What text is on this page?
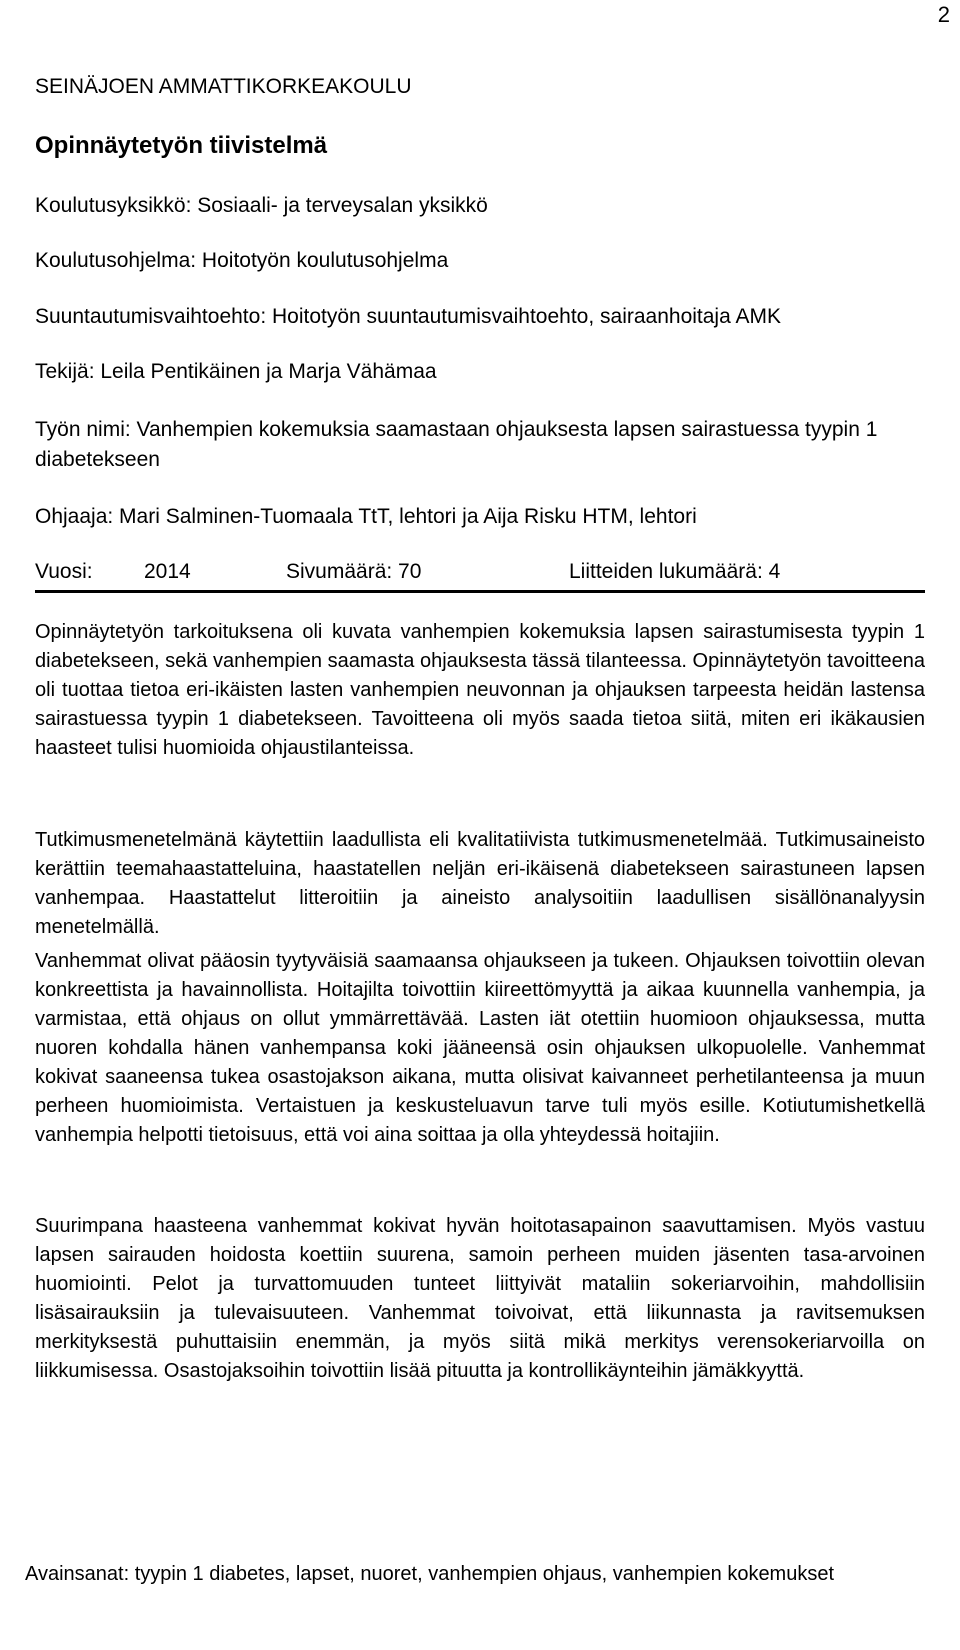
2
SEINÄJOEN AMMATTIKORKEAKOULU
Opinnäytetyön tiivistelmä
Koulutusyksikkö: Sosiaali- ja terveysalan yksikkö
Koulutusohjelma: Hoitotyön koulutusohjelma
Suuntautumisvaihtoehto: Hoitotyön suuntautumisvaihtoehto, sairaanhoitaja AMK
Tekijä: Leila Pentikäinen ja Marja Vähämaa
Työn nimi: Vanhempien kokemuksia saamastaan ohjauksesta lapsen sairastuessa tyypin 1 diabetekseen
Ohjaaja: Mari Salminen-Tuomaala TtT, lehtori ja Aija Risku HTM, lehtori
Vuosi: 2014	Sivumäärä: 70	Liitteiden lukumäärä: 4

Opinnäytetyön tarkoituksena oli kuvata vanhempien kokemuksia lapsen sairastumisesta tyypin 1 diabetekseen, sekä vanhempien saamasta ohjauksesta tässä tilanteessa. Opinnäytetyön tavoitteena oli tuottaa tietoa eri-ikäisten lasten vanhempien neuvonnan ja ohjauksen tarpeesta heidän lastensa sairastuessa tyypin 1 diabetekseen. Tavoitteena oli myös saada tietoa siitä, miten eri ikäkausien haasteet tulisi huomioida ohjaustilanteissa.

Tutkimusmenetelmänä käytettiin laadullista eli kvalitatiivista tutkimusmenetelmää. Tutkimusaineisto kerättiin teemahaastatteluina, haastatellen neljän eri-ikäisenä diabetekseen sairastuneen lapsen vanhempaa. Haastattelut litteroitiin ja aineisto analysoitiin laadullisen sisällönanalyysin menetelmällä.

Vanhemmat olivat pääosin tyytyväisiä saamaansa ohjaukseen ja tukeen. Ohjauksen toivottiin olevan konkreettista ja havainnollista. Hoitajilta toivottiin kiireettömyyttä ja aikaa kuunnella vanhempia, ja varmistaa, että ohjaus on ollut ymmärrettävää. Lasten iät otettiin huomioon ohjauksessa, mutta nuoren kohdalla hänen vanhempansa koki jääneensä osin ohjauksen ulkopuolelle. Vanhemmat kokivat saaneensa tukea osastojakson aikana, mutta olisivat kaivanneet perhetilanteensa ja muun perheen huomioimista. Vertaistuen ja keskusteluavun tarve tuli myös esille. Kotiutumishetkellä vanhempia helpotti tietoisuus, että voi aina soittaa ja olla yhteydessä hoitajiin.

Suurimpana haasteena vanhemmat kokivat hyvän hoitotasapainon saavuttamisen. Myös vastuu lapsen sairauden hoidosta koettiin suurena, samoin perheen muiden jäsenten tasa-arvoinen huomiointi. Pelot ja turvattomuuden tunteet liittyivät mataliin sokeriarvoihin, mahdollisiin lisäsairauksiin ja tulevaisuuteen. Vanhemmat toivoivat, että liikunnasta ja ravitsemuksen merkityksestä puhuttaisiin enemmän, ja myös siitä mikä merkitys verensokeriarvoilla on liikkumisessa. Osastojaksoihin toivottiin lisää pituutta ja kontrollikäynteihin jämäkkyyttä.

Avainsanat: tyypin 1 diabetes, lapset, nuoret, vanhempien ohjaus, vanhempien kokemukset
